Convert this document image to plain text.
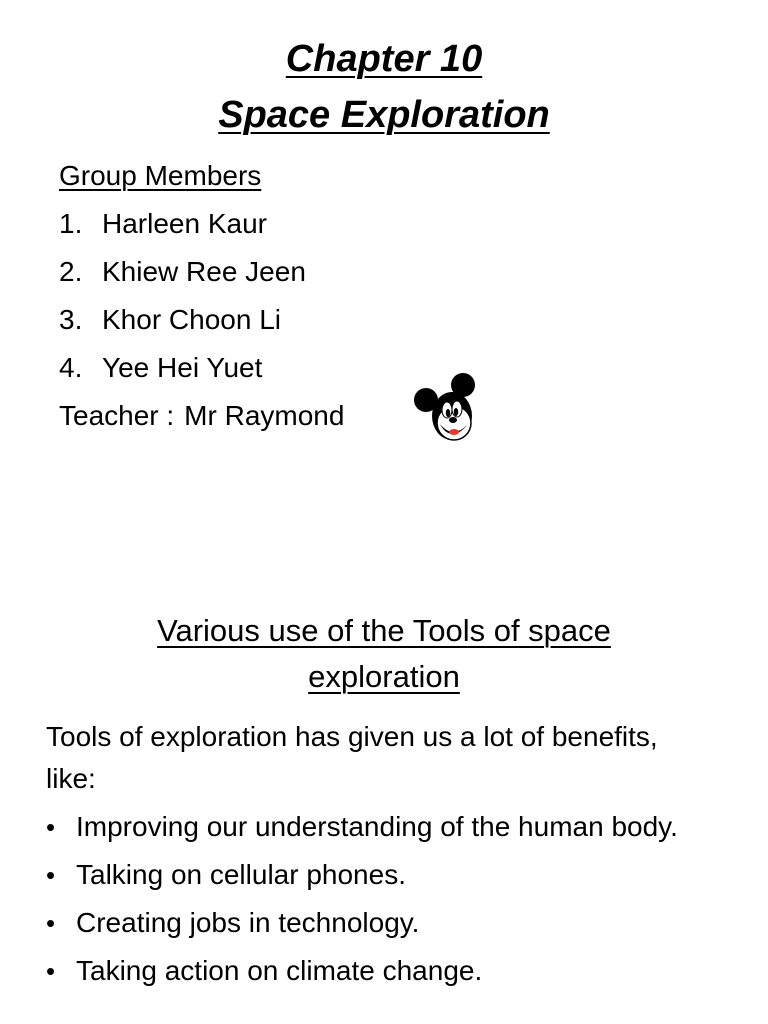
Chapter 10
Space Exploration
Group Members
1. Harleen Kaur
2. Khiew Ree Jeen
3. Khor Choon Li
4. Yee Hei Yuet
Teacher : Mr Raymond
Various use of the Tools of space
exploration
Tools of exploration has given us a lot of benefits, like:
• Improving our understanding of the human body.
• Talking on cellular phones.
• Creating jobs in technology.
• Taking action on climate change.
